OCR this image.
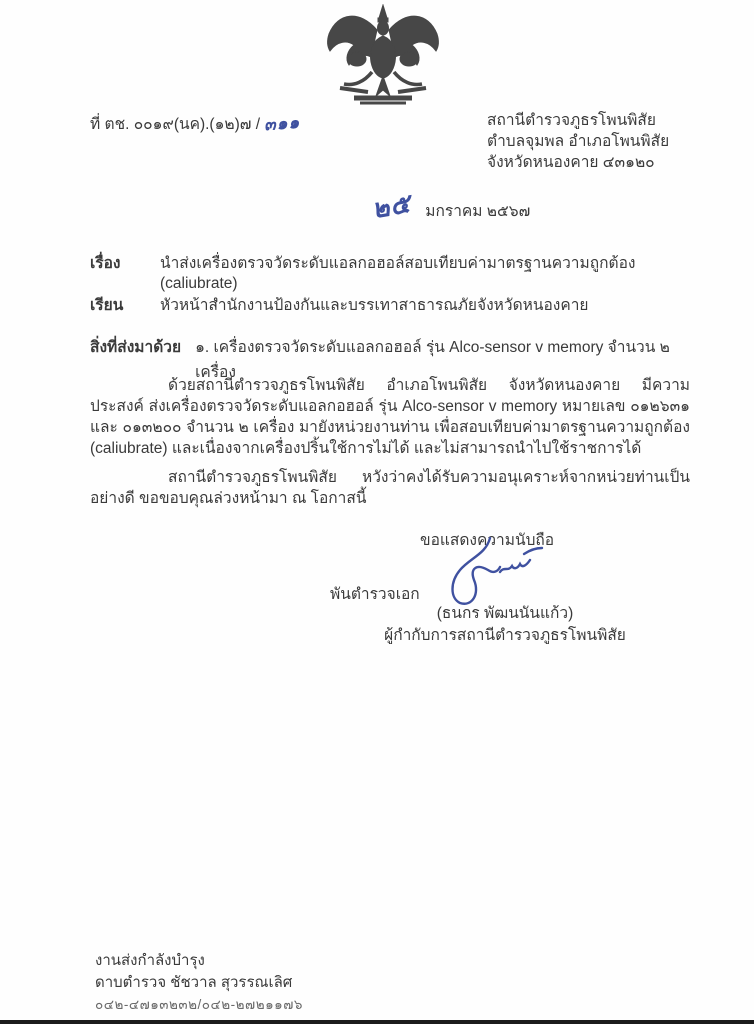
ที่ ตช. ๐๐๑๙(นค).(๑๒)๗ / ๓๑๑	สถานีตำรวจภูธรโพนพิสัย
ตำบลจุมพล อำเภอโพนพิสัย
จังหวัดหนองคาย ๔๓๑๒๐
๒๕ มกราคม ๒๕๖๗
เรื่อง	นำส่งเครื่องตรวจวัดระดับแอลกอฮอล์สอบเทียบค่ามาตรฐานความถูกต้อง (caliubrate)
เรียน	หัวหน้าสำนักงานป้องกันและบรรเทาสาธารณภัยจังหวัดหนองคาย
สิ่งที่ส่งมาด้วย ๑. เครื่องตรวจวัดระดับแอลกอฮอล์ รุ่น Alco-sensor v memory จำนวน ๒ เครื่อง
ด้วยสถานีตำรวจภูธรโพนพิสัย อำเภอโพนพิสัย จังหวัดหนองคาย มีความประสงค์ ส่งเครื่องตรวจวัดระดับแอลกอฮอล์ รุ่น Alco-sensor v memory หมายเลข ๐๑๒๖๓๑ และ ๐๑๓๒๐๐ จำนวน ๒ เครื่อง มายังหน่วยงานท่าน เพื่อสอบเทียบค่ามาตรฐานความถูกต้อง (caliubrate) และเนื่องจากเครื่องปริ้นใช้การไม่ได้ และไม่สามารถนำไปใช้ราชการได้
สถานีตำรวจภูธรโพนพิสัย หวังว่าคงได้รับความอนุเคราะห์จากหน่วยท่านเป็นอย่างดี ขอขอบคุณล่วงหน้ามา ณ โอกาสนี้
ขอแสดงความนับถือ
พันตำรวจเอก
(ธนกร พัฒนนันแก้ว)
ผู้กำกับการสถานีตำรวจภูธรโพนพิสัย
งานส่งกำลังบำรุง
ดาบตำรวจ ชัชวาล สุวรรณเลิศ
๐๔๒-๔๗๑๓๒๓๒/๐๔๒-๒๗๒๑๑๗๖
